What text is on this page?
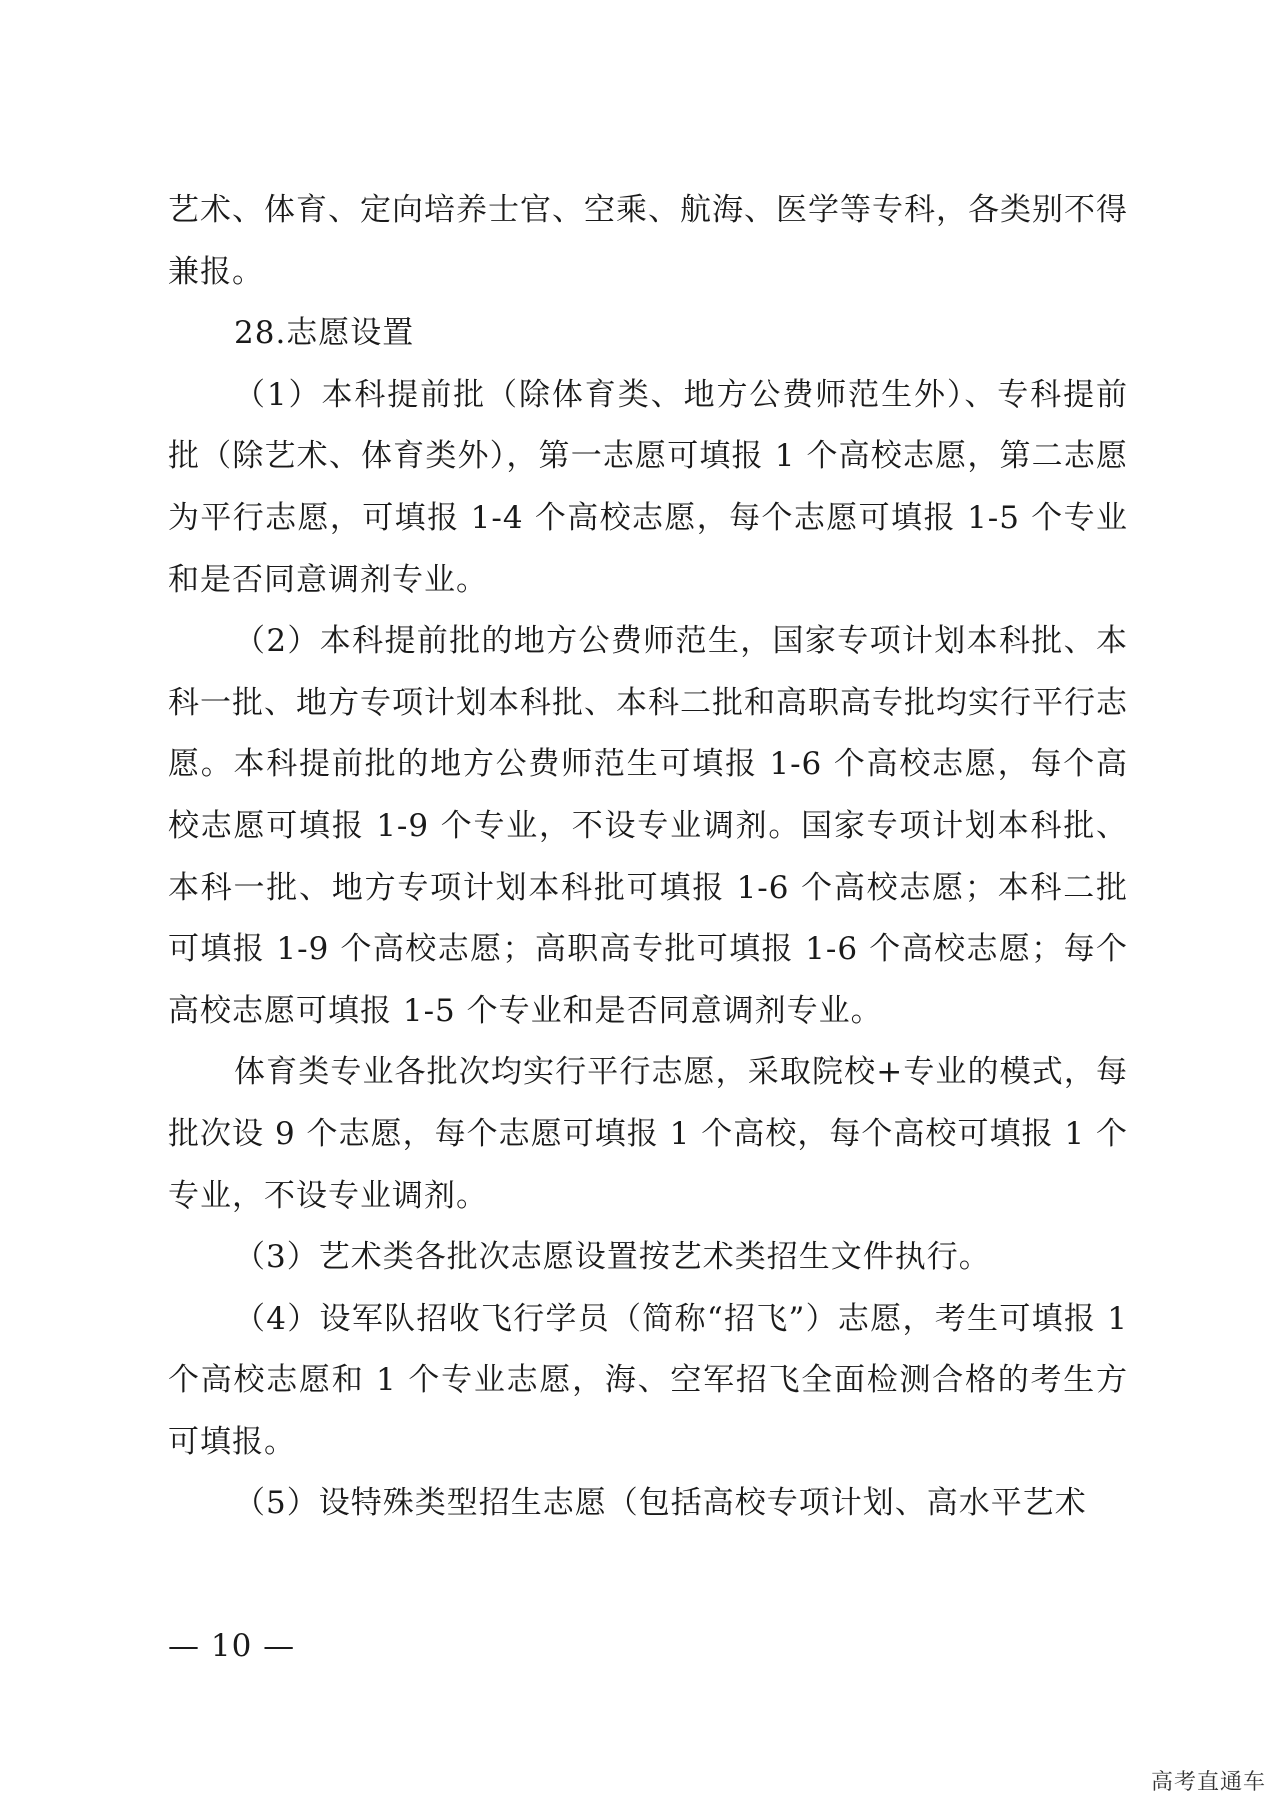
艺术、体育、定向培养士官、空乘、航海、医学等专科，各类别不得兼报。

28.志愿设置

（1）本科提前批（除体育类、地方公费师范生外）、专科提前批（除艺术、体育类外），第一志愿可填报 1 个高校志愿，第二志愿为平行志愿，可填报 1-4 个高校志愿，每个志愿可填报 1-5 个专业和是否同意调剂专业。

（2）本科提前批的地方公费师范生，国家专项计划本科批、本科一批、地方专项计划本科批、本科二批和高职高专批均实行平行志愿。本科提前批的地方公费师范生可填报 1-6 个高校志愿，每个高校志愿可填报 1-9 个专业，不设专业调剂。国家专项计划本科批、本科一批、地方专项计划本科批可填报 1-6 个高校志愿；本科二批可填报 1-9 个高校志愿；高职高专批可填报 1-6 个高校志愿；每个高校志愿可填报 1-5 个专业和是否同意调剂专业。

体育类专业各批次均实行平行志愿，采取院校+专业的模式，每批次设 9 个志愿，每个志愿可填报 1 个高校，每个高校可填报 1 个专业，不设专业调剂。

（3）艺术类各批次志愿设置按艺术类招生文件执行。

（4）设军队招收飞行学员（简称“招飞”）志愿，考生可填报 1 个高校志愿和 1 个专业志愿，海、空军招飞全面检测合格的考生方可填报。

（5）设特殊类型招生志愿（包括高校专项计划、高水平艺术

— 10 —
高考直通车
